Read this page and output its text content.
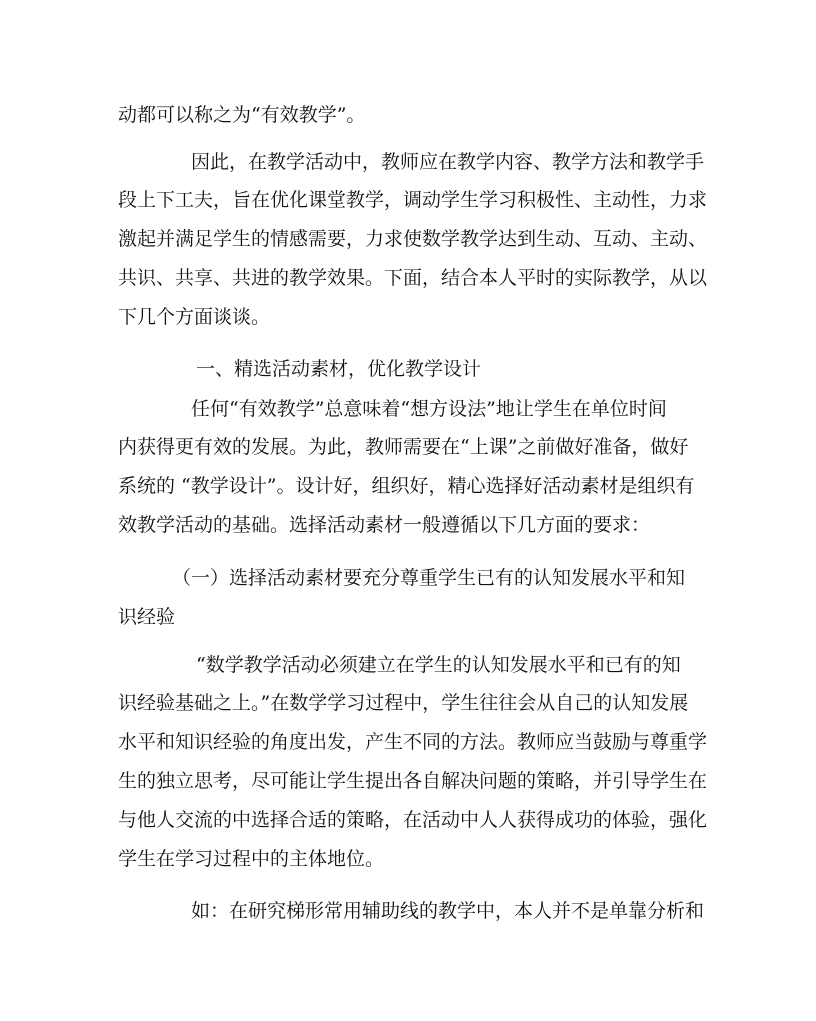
动都可以称之为“有效教学”。
因此，在教学活动中，教师应在教学内容、教学方法和教学手
段上下工夫，旨在优化课堂教学，调动学生学习积极性、主动性，力求
激起并满足学生的情感需要，力求使数学教学达到生动、互动、主动、
共识、共享、共进的教学效果。下面，结合本人平时的实际教学，从以
下几个方面谈谈。
一、精选活动素材，优化教学设计
任何“有效教学”总意味着“想方设法”地让学生在单位时间
内获得更有效的发展。为此，教师需要在“上课”之前做好准备，做好
系统的 “教学设计”。设计好，组织好，精心选择好活动素材是组织有
效教学活动的基础。选择活动素材一般遵循以下几方面的要求：
（一）选择活动素材要充分尊重学生已有的认知发展水平和知
识经验
“数学教学活动必须建立在学生的认知发展水平和已有的知
识经验基础之上。”在数学学习过程中，学生往往会从自己的认知发展
水平和知识经验的角度出发，产生不同的方法。教师应当鼓励与尊重学
生的独立思考，尽可能让学生提出各自解决问题的策略，并引导学生在
与他人交流的中选择合适的策略，在活动中人人获得成功的体验，强化
学生在学习过程中的主体地位。
如：在研究梯形常用辅助线的教学中，本人并不是单靠分析和
